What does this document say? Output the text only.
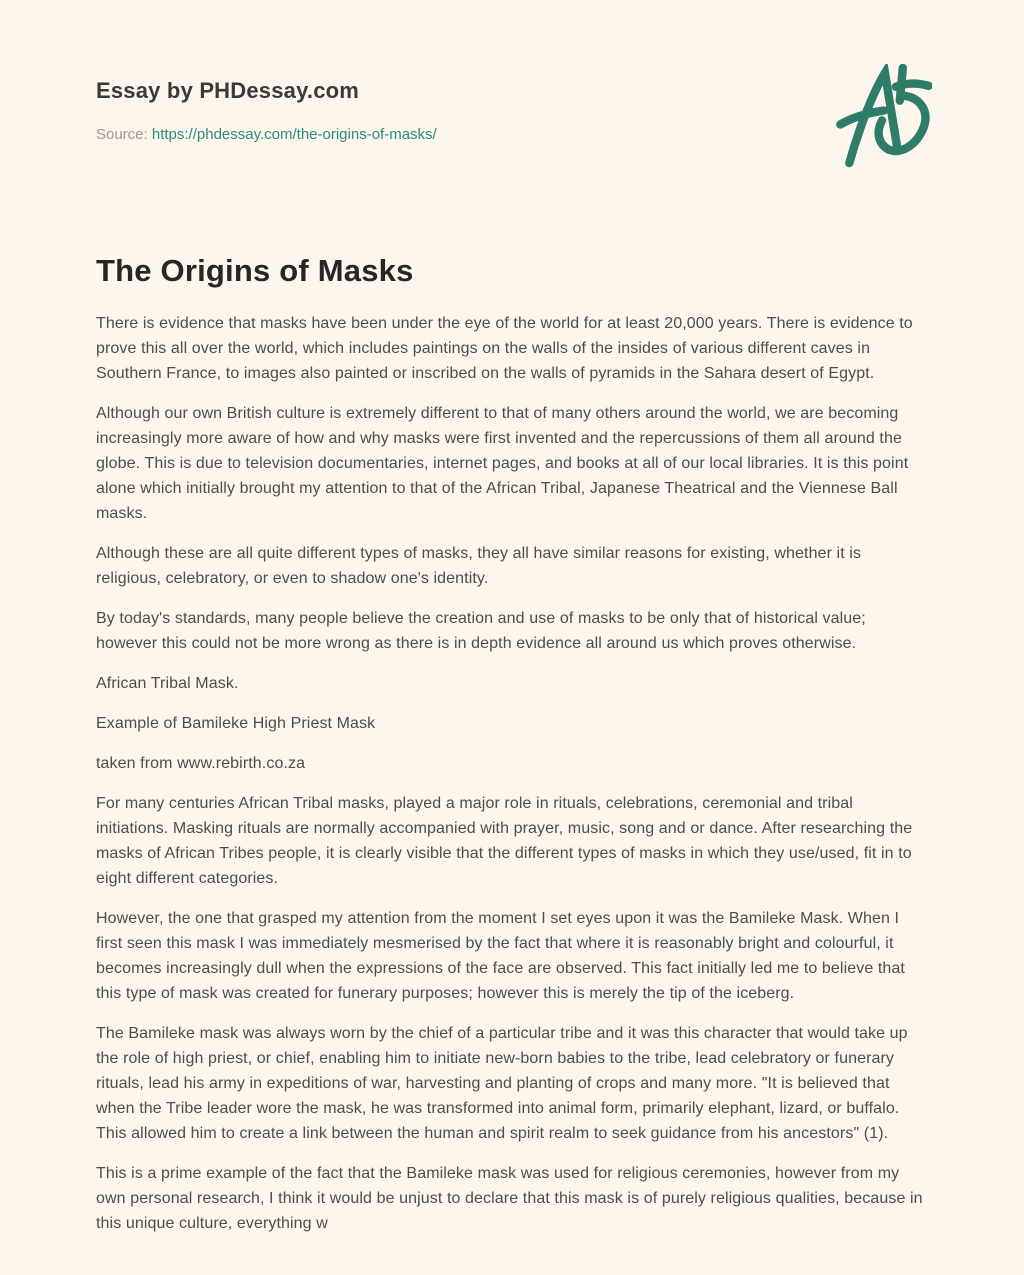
Essay by PHDessay.com
Source: https://phdessay.com/the-origins-of-masks/
The Origins of Masks

There is evidence that masks have been under the eye of the world for at least 20,000 years. There is evidence to prove this all over the world, which includes paintings on the walls of the insides of various different caves in Southern France, to images also painted or inscribed on the walls of pyramids in the Sahara desert of Egypt.

Although our own British culture is extremely different to that of many others around the world, we are becoming increasingly more aware of how and why masks were first invented and the repercussions of them all around the globe. This is due to television documentaries, internet pages, and books at all of our local libraries. It is this point alone which initially brought my attention to that of the African Tribal, Japanese Theatrical and the Viennese Ball masks.

Although these are all quite different types of masks, they all have similar reasons for existing, whether it is religious, celebratory, or even to shadow one's identity.

By today's standards, many people believe the creation and use of masks to be only that of historical value; however this could not be more wrong as there is in depth evidence all around us which proves otherwise.

African Tribal Mask.

Example of Bamileke High Priest Mask

taken from www.rebirth.co.za

For many centuries African Tribal masks, played a major role in rituals, celebrations, ceremonial and tribal initiations. Masking rituals are normally accompanied with prayer, music, song and or dance. After researching the masks of African Tribes people, it is clearly visible that the different types of masks in which they use/used, fit in to eight different categories.

However, the one that grasped my attention from the moment I set eyes upon it was the Bamileke Mask. When I first seen this mask I was immediately mesmerised by the fact that where it is reasonably bright and colourful, it becomes increasingly dull when the expressions of the face are observed. This fact initially led me to believe that this type of mask was created for funerary purposes; however this is merely the tip of the iceberg.

The Bamileke mask was always worn by the chief of a particular tribe and it was this character that would take up the role of high priest, or chief, enabling him to initiate new-born babies to the tribe, lead celebratory or funerary rituals, lead his army in expeditions of war, harvesting and planting of crops and many more. "It is believed that when the Tribe leader wore the mask, he was transformed into animal form, primarily elephant, lizard, or buffalo. This allowed him to create a link between the human and spirit realm to seek guidance from his ancestors" (1).

This is a prime example of the fact that the Bamileke mask was used for religious ceremonies, however from my own personal research, I think it would be unjust to declare that this mask is of purely religious qualities, because in this unique culture, everything w
